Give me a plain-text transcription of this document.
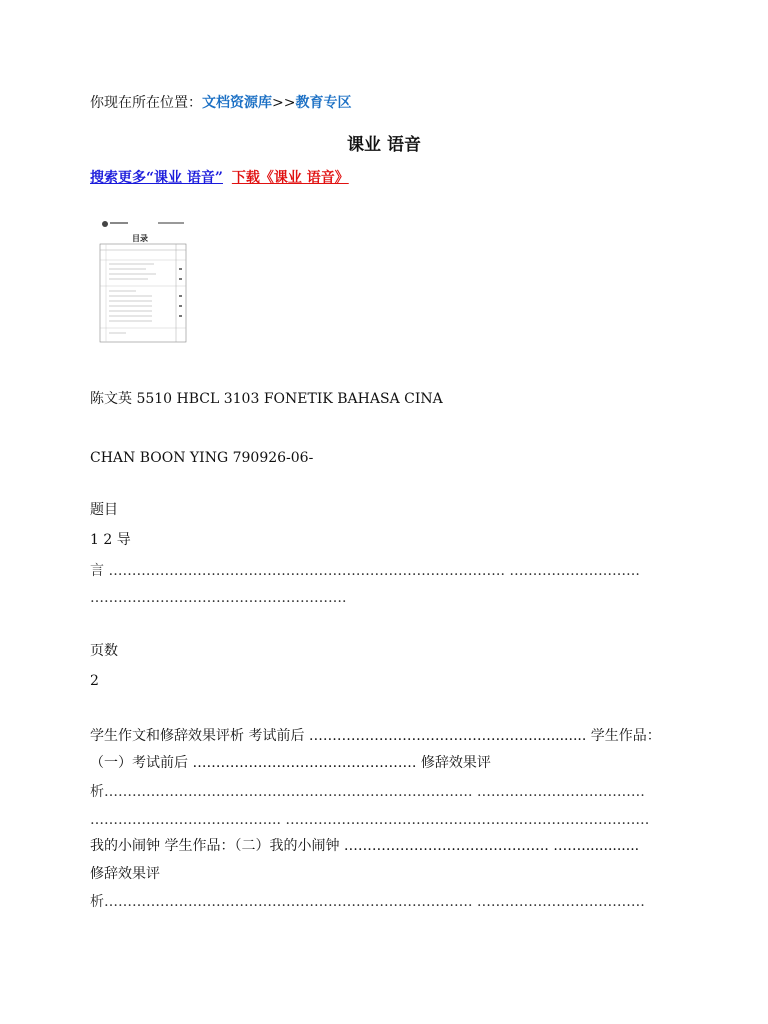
你现在所在位置：文档资源库>>教育专区
课业 语音
搜索更多“课业 语音” 下载《课业 语音》
目录
陈文英 5510 HBCL 3103 FONETIK BAHASA CINA
CHAN BOON YING 790926-06-
题目
1 2 导
言 …………………………………………………………………………. ……………………….
……………………………………………….
页数
2
学生作文和修辞效果评析 考试前后 …………………………………………............ 学生作品：
（一）考试前后 ………………………………………… 修辞效果评
析……………………………………………………………………. ………………………………
………………………………….. ……………………………………………………………………
我的小闹钟 学生作品：（二）我的小闹钟 …………………………………….. …….............
修辞效果评
析……………………………………………………………………. ………………………………
